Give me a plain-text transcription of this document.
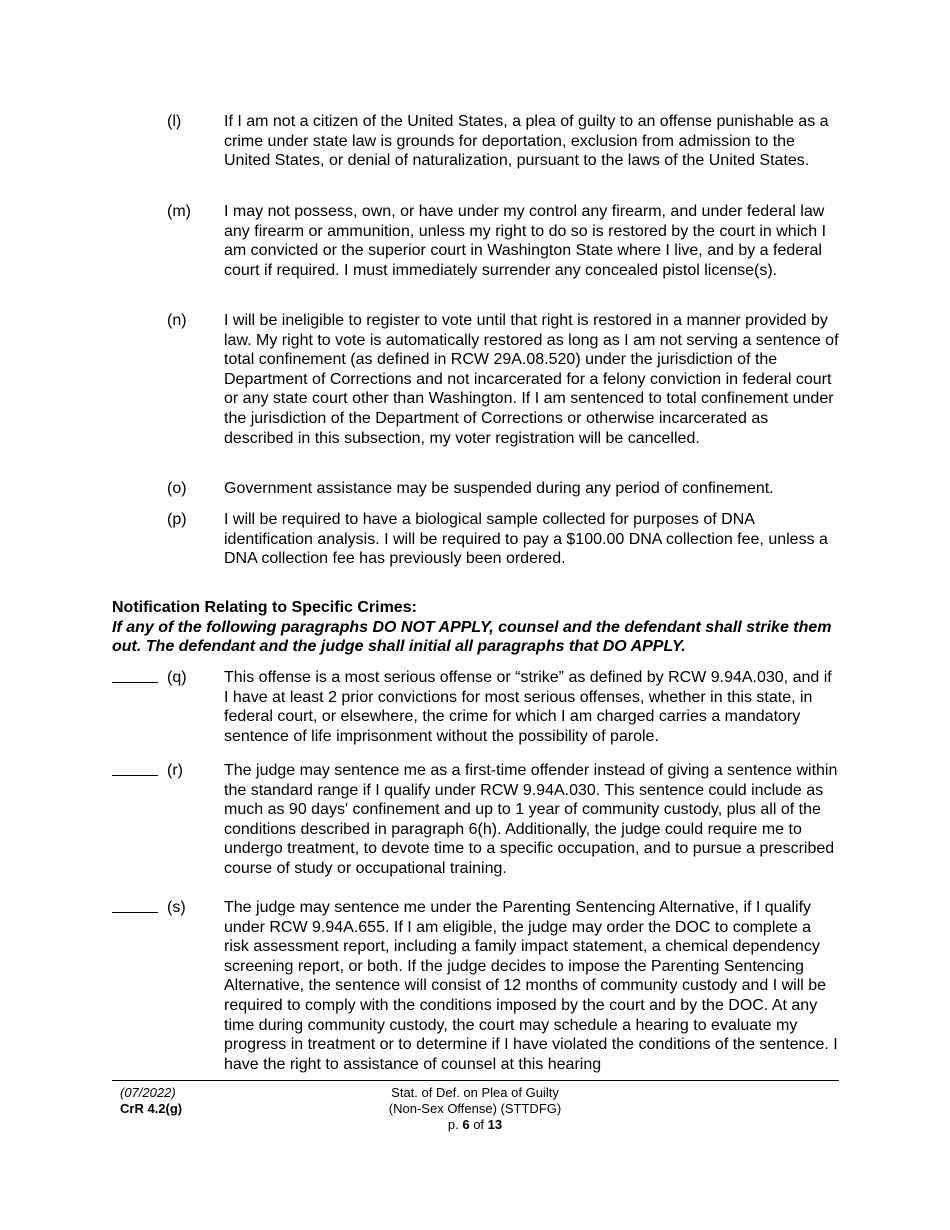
(l)	If I am not a citizen of the United States, a plea of guilty to an offense punishable as a crime under state law is grounds for deportation, exclusion from admission to the United States, or denial of naturalization, pursuant to the laws of the United States.
(m) I may not possess, own, or have under my control any firearm, and under federal law any firearm or ammunition, unless my right to do so is restored by the court in which I am convicted or the superior court in Washington State where I live, and by a federal court if required. I must immediately surrender any concealed pistol license(s).
(n) I will be ineligible to register to vote until that right is restored in a manner provided by law. My right to vote is automatically restored as long as I am not serving a sentence of total confinement (as defined in RCW 29A.08.520) under the jurisdiction of the Department of Corrections and not incarcerated for a felony conviction in federal court or any state court other than Washington. If I am sentenced to total confinement under the jurisdiction of the Department of Corrections or otherwise incarcerated as described in this subsection, my voter registration will be cancelled.
(o) Government assistance may be suspended during any period of confinement.
(p) I will be required to have a biological sample collected for purposes of DNA identification analysis. I will be required to pay a $100.00 DNA collection fee, unless a DNA collection fee has previously been ordered.
Notification Relating to Specific Crimes:
If any of the following paragraphs DO NOT APPLY, counsel and the defendant shall strike them out. The defendant and the judge shall initial all paragraphs that DO APPLY.
(q) This offense is a most serious offense or “strike” as defined by RCW 9.94A.030, and if I have at least 2 prior convictions for most serious offenses, whether in this state, in federal court, or elsewhere, the crime for which I am charged carries a mandatory sentence of life imprisonment without the possibility of parole.
(r)	The judge may sentence me as a first-time offender instead of giving a sentence within the standard range if I qualify under RCW 9.94A.030. This sentence could include as much as 90 days' confinement and up to 1 year of community custody, plus all of the conditions described in paragraph 6(h). Additionally, the judge could require me to undergo treatment, to devote time to a specific occupation, and to pursue a prescribed course of study or occupational training.
(s) The judge may sentence me under the Parenting Sentencing Alternative, if I qualify under RCW 9.94A.655. If I am eligible, the judge may order the DOC to complete a risk assessment report, including a family impact statement, a chemical dependency screening report, or both. If the judge decides to impose the Parenting Sentencing Alternative, the sentence will consist of 12 months of community custody and I will be required to comply with the conditions imposed by the court and by the DOC. At any time during community custody, the court may schedule a hearing to evaluate my progress in treatment or to determine if I have violated the conditions of the sentence. I have the right to assistance of counsel at this hearing
(07/2022)
CrR 4.2(g)
Stat. of Def. on Plea of Guilty
(Non-Sex Offense) (STTDFG)
p. 6 of 13
